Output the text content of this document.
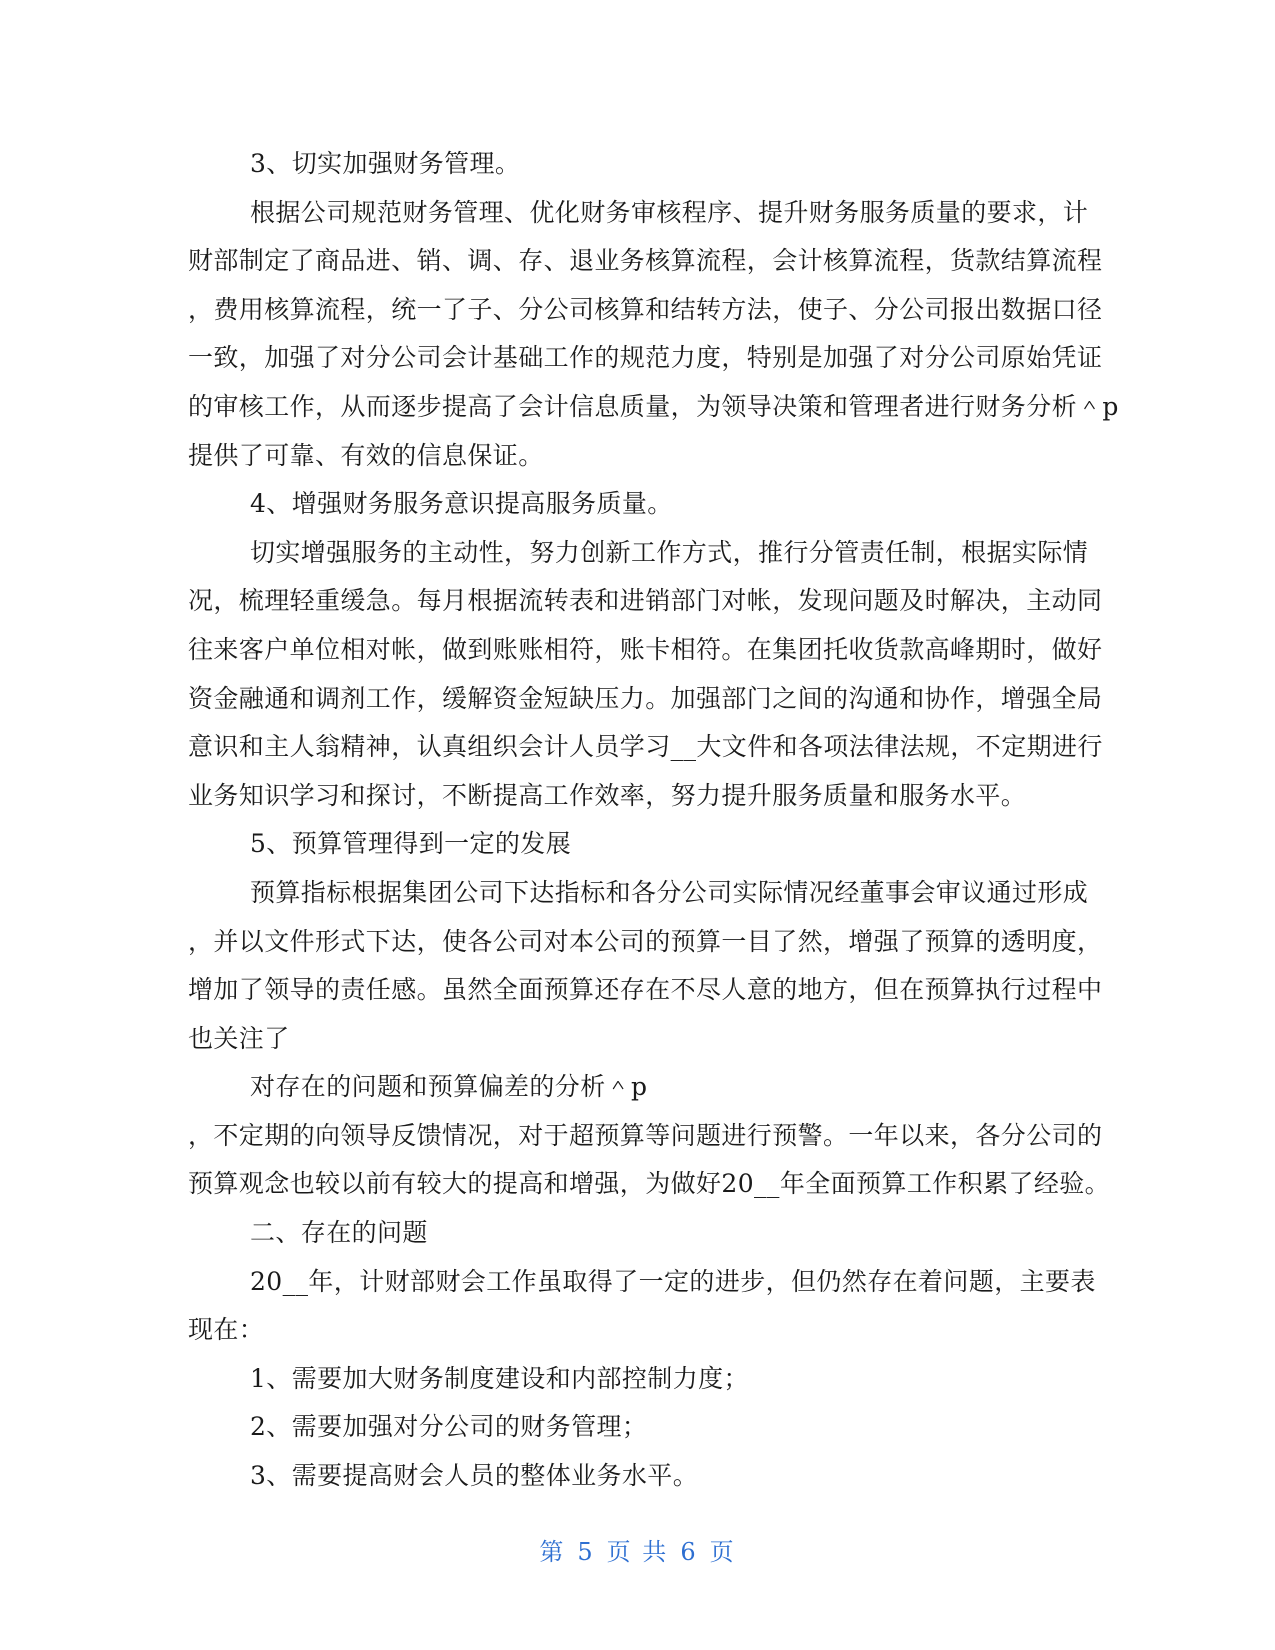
3、切实加强财务管理。
根据公司规范财务管理、优化财务审核程序、提升财务服务质量的要求，计
财部制定了商品进、销、调、存、退业务核算流程，会计核算流程，货款结算流程
，费用核算流程，统一了子、分公司核算和结转方法，使子、分公司报出数据口径
一致，加强了对分公司会计基础工作的规范力度，特别是加强了对分公司原始凭证
的审核工作，从而逐步提高了会计信息质量，为领导决策和管理者进行财务分析＾p
提供了可靠、有效的信息保证。
4、增强财务服务意识提高服务质量。
切实增强服务的主动性，努力创新工作方式，推行分管责任制，根据实际情
况，梳理轻重缓急。每月根据流转表和进销部门对帐，发现问题及时解决，主动同
往来客户单位相对帐，做到账账相符，账卡相符。在集团托收货款高峰期时，做好
资金融通和调剂工作，缓解资金短缺压力。加强部门之间的沟通和协作，增强全局
意识和主人翁精神，认真组织会计人员学习__大文件和各项法律法规，不定期进行
业务知识学习和探讨，不断提高工作效率，努力提升服务质量和服务水平。
5、预算管理得到一定的发展
预算指标根据集团公司下达指标和各分公司实际情况经董事会审议通过形成
，并以文件形式下达，使各公司对本公司的预算一目了然，增强了预算的透明度，
增加了领导的责任感。虽然全面预算还存在不尽人意的地方，但在预算执行过程中
也关注了
对存在的问题和预算偏差的分析＾p
，不定期的向领导反馈情况，对于超预算等问题进行预警。一年以来，各分公司的
预算观念也较以前有较大的提高和增强，为做好20__年全面预算工作积累了经验。
二、存在的问题
20__年，计财部财会工作虽取得了一定的进步，但仍然存在着问题，主要表
现在：
1、需要加大财务制度建设和内部控制力度；
2、需要加强对分公司的财务管理；
3、需要提高财会人员的整体业务水平。
第 5 页 共 6 页
